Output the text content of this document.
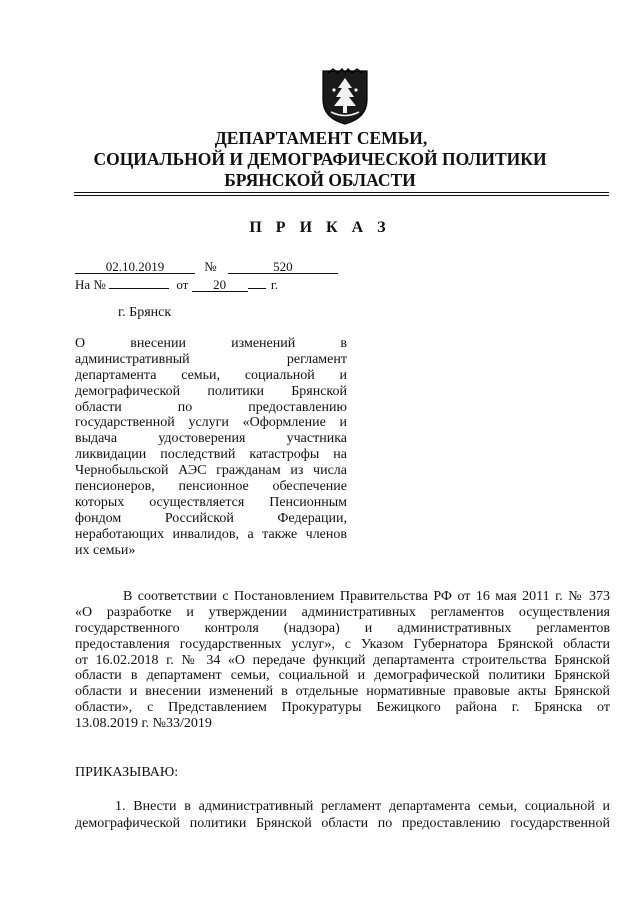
ДЕПАРТАМЕНТ СЕМЬИ,
СОЦИАЛЬНОЙ И ДЕМОГРАФИЧЕСКОЙ ПОЛИТИКИ
БРЯНСКОЙ ОБЛАСТИ
П Р И К А З
02.10.2019	№	520
На №	от 20	г.
г. Брянск
О внесении изменений в
административный регламент
департамента семьи, социальной и
демографической политики Брянской
области по предоставлению
государственной услуги «Оформление и
выдача удостоверения участника
ликвидации последствий катастрофы на
Чернобыльской АЭС гражданам из числа
пенсионеров, пенсионное обеспечение
которых осуществляется Пенсионным
фондом Российской Федерации,
неработающих инвалидов, а также членов
их семьи»
В соответствии с Постановлением Правительства РФ от 16 мая 2011 г. № 373
«О разработке и утверждении административных регламентов осуществления
государственного контроля (надзора) и административных регламентов
предоставления государственных услуг», с Указом Губернатора Брянской области
от 16.02.2018 г. № 34 «О передаче функций департамента строительства Брянской
области в департамент семьи, социальной и демографической политики Брянской
области и внесении изменений в отдельные нормативные правовые акты Брянской
области», с Представлением Прокуратуры Бежицкого района г. Брянска от
13.08.2019 г. №33/2019
ПРИКАЗЫВАЮ:
1. Внести в административный регламент департамента семьи, социальной и
демографической политики Брянской области по предоставлению государственной
